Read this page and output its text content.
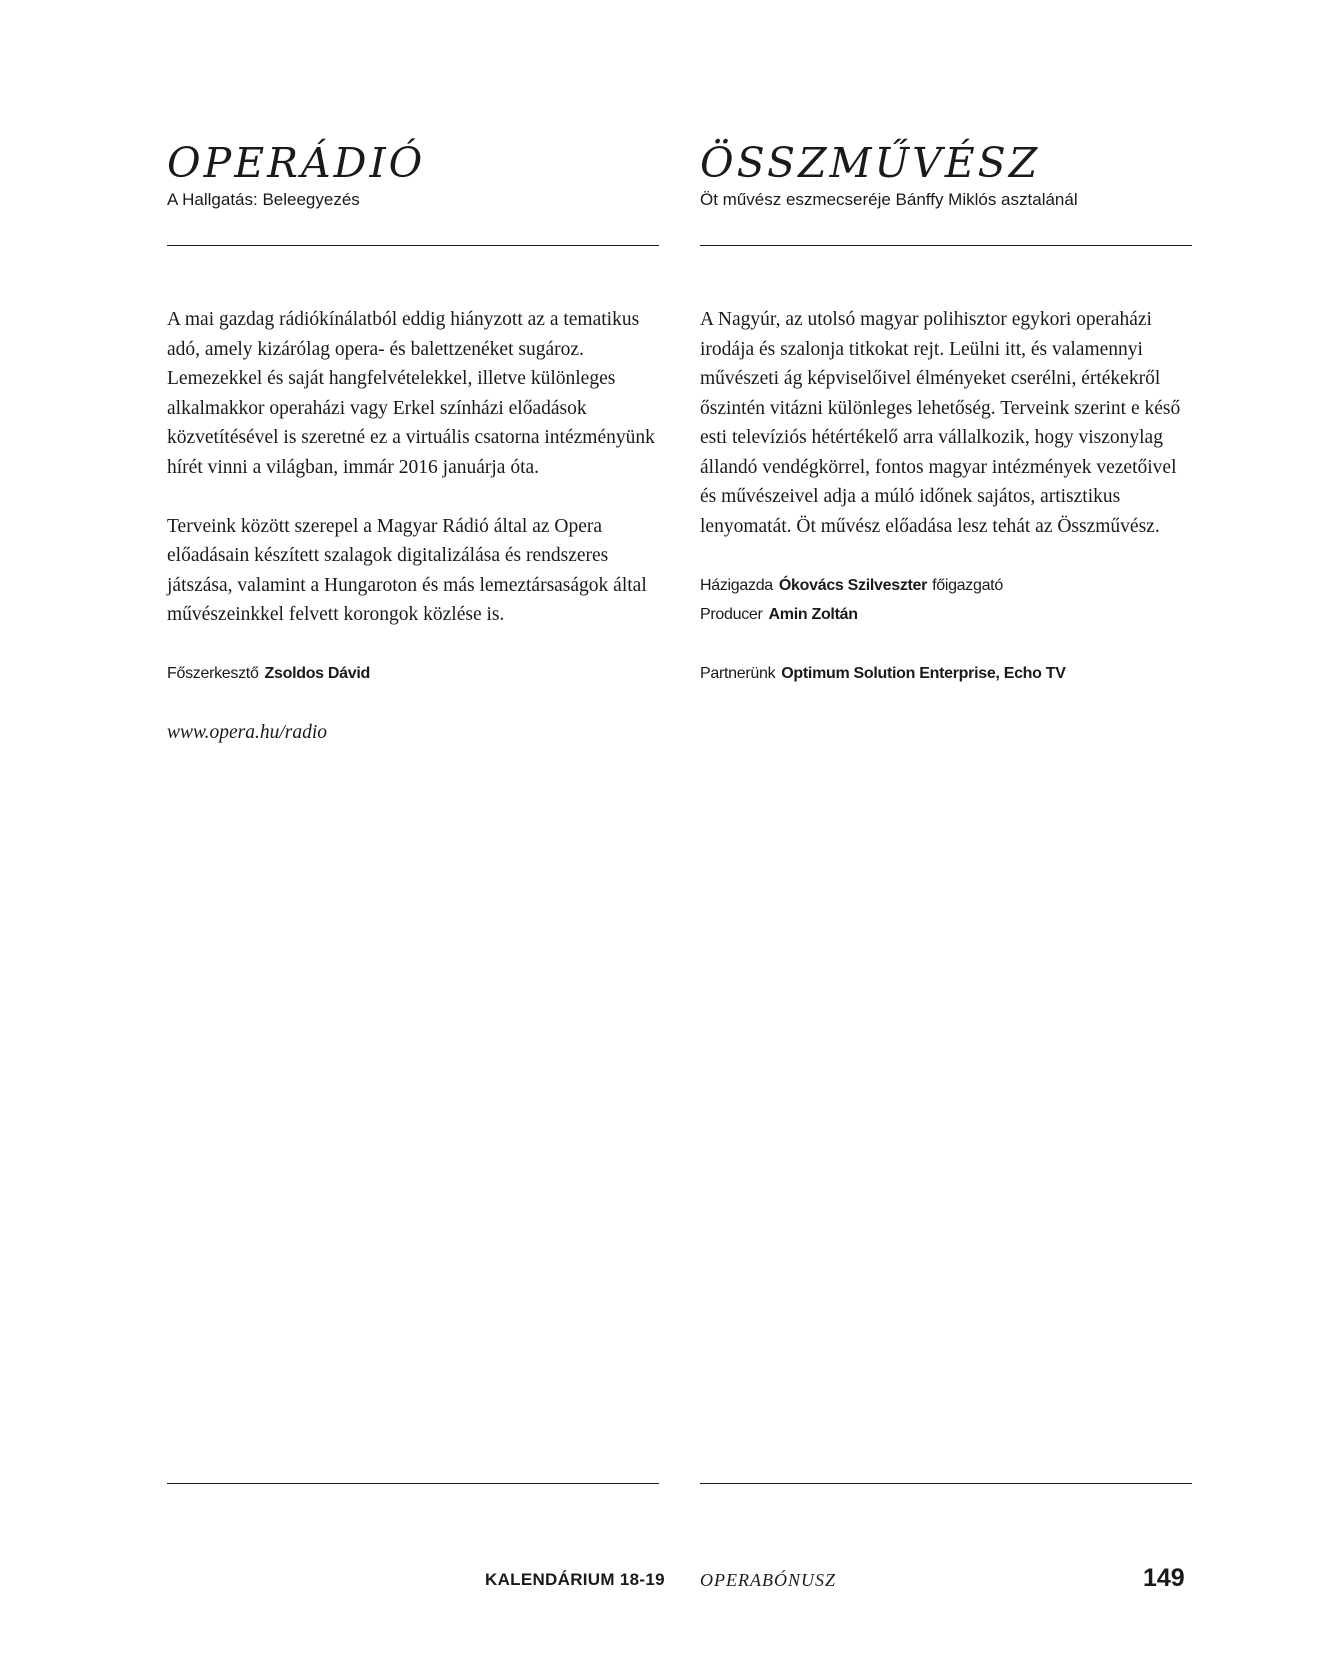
OPERÁDIÓ
A Hallgatás: Beleegyezés

A mai gazdag rádiókínálatból eddig hiányzott az a tematikus adó, amely kizárólag opera- és balettzenéket sugároz. Lemezekkel és saját hangfelvételekkel, illetve különleges alkalmakkor operaházi vagy Erkel színházi előadások közvetítésével is szeretné ez a virtuális csatorna intézményünk hírét vinni a világban, immár 2016 januárja óta.

Terveink között szerepel a Magyar Rádió által az Opera előadásain készített szalagok digitalizálása és rendszeres játszása, valamint a Hungaroton és más lemeztársaságok által művészeinkkel felvett korongok közlése is.

Főszerkesztő Zsoldos Dávid

www.opera.hu/radio

ÖSSZMŰVÉSZ
Öt művész eszmecseréje Bánffy Miklós asztalánál

A Nagyúr, az utolsó magyar polihisztor egykori operaházi irodája és szalonja titkokat rejt. Leülni itt, és valamennyi művészeti ág képviselőivel élményeket cserélni, értékekről őszintén vitázni különleges lehetőség. Terveink szerint e késő esti televíziós hétértékelő arra vállalkozik, hogy viszonylag állandó vendégkörrel, fontos magyar intézmények vezetőivel és művészeivel adja a múló időnek sajátos, artisztikus lenyomatát. Öt művész előadása lesz tehát az Összművész.

Házigazda Ókovács Szilveszter főigazgató

Producer Amin Zoltán

Partnerünk Optimum Solution Enterprise, Echo TV

KALENDÁRIUM 18-19 OPERABÓNUSZ	149
